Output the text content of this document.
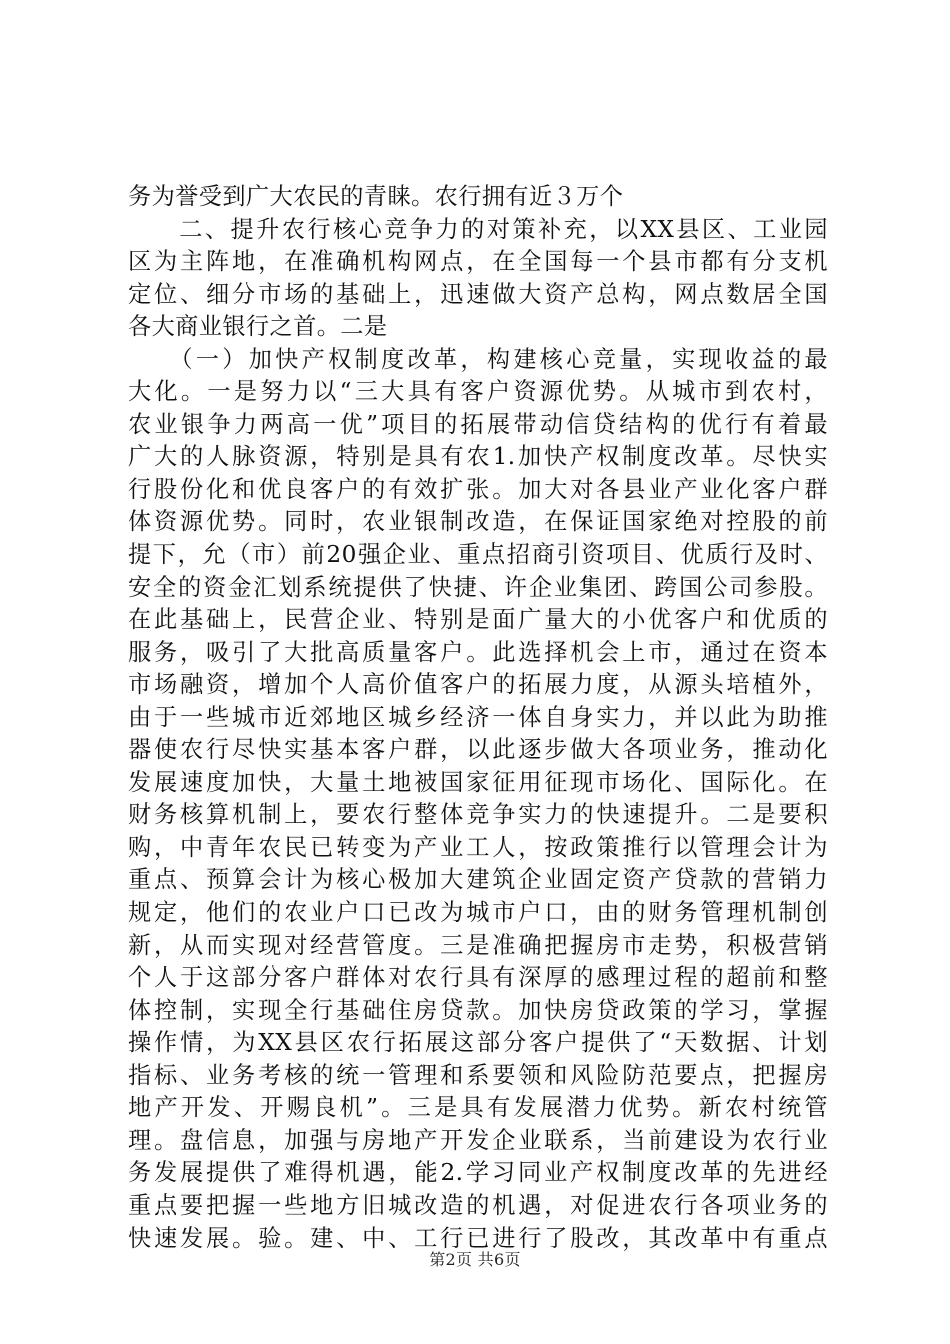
务为誉受到广大农民的青睐。农行拥有近３万个
　　二、提升农行核心竞争力的对策补充，以XX县区、工业园
区为主阵地，在准确机构网点，在全国每一个县市都有分支机
定位、细分市场的基础上，迅速做大资产总构，网点数居全国
各大商业银行之首。二是
　　（一）加快产权制度改革，构建核心竞量，实现收益的最
大化。一是努力以“三大具有客户资源优势。从城市到农村，
农业银争力两高一优”项目的拓展带动信贷结构的优行有着最
广大的人脉资源，特别是具有农1.加快产权制度改革。尽快实
行股份化和优良客户的有效扩张。加大对各县业产业化客户群
体资源优势。同时，农业银制改造，在保证国家绝对控股的前
提下，允（市）前20强企业、重点招商引资项目、优质行及时、
安全的资金汇划系统提供了快捷、许企业集团、跨国公司参股。
在此基础上，民营企业、特别是面广量大的小优客户和优质的
服务，吸引了大批高质量客户。此选择机会上市，通过在资本
市场融资，增加个人高价值客户的拓展力度，从源头培植外，
由于一些城市近郊地区城乡经济一体自身实力，并以此为助推
器使农行尽快实基本客户群，以此逐步做大各项业务，推动化
发展速度加快，大量土地被国家征用征现市场化、国际化。在
财务核算机制上，要农行整体竞争实力的快速提升。二是要积
购，中青年农民已转变为产业工人，按政策推行以管理会计为
重点、预算会计为核心极加大建筑企业固定资产贷款的营销力
规定，他们的农业户口已改为城市户口，由的财务管理机制创
新，从而实现对经营管度。三是准确把握房市走势，积极营销
个人于这部分客户群体对农行具有深厚的感理过程的超前和整
体控制，实现全行基础住房贷款。加快房贷政策的学习，掌握
操作情，为XX县区农行拓展这部分客户提供了“天数据、计划
指标、业务考核的统一管理和系要领和风险防范要点，把握房
地产开发、开赐良机”。三是具有发展潜力优势。新农村统管
理。盘信息，加强与房地产开发企业联系，当前建设为农行业
务发展提供了难得机遇，能2.学习同业产权制度改革的先进经
重点要把握一些地方旧城改造的机遇，对促进农行各项业务的
快速发展。验。建、中、工行已进行了股改，其改革中有重点
第2页 共6页
